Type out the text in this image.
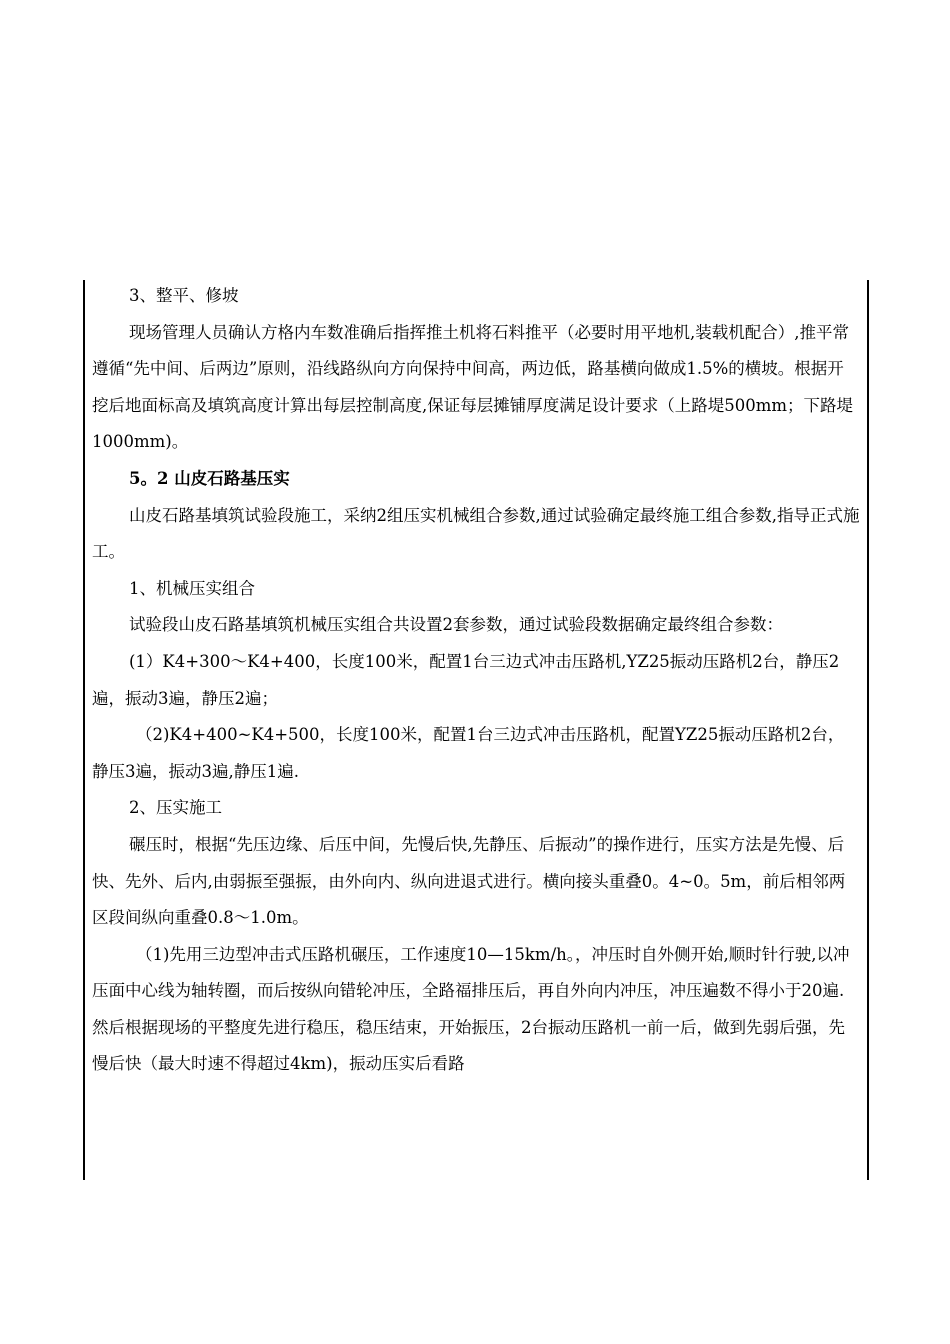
3、整平、修坡

现场管理人员确认方格内车数准确后指挥推土机将石料推平（必要时用平地机,装载机配合）,推平常遵循“先中间、后两边”原则，沿线路纵向方向保持中间高，两边低，路基横向做成1.5%的横坡。根据开挖后地面标高及填筑高度计算出每层控制高度,保证每层摊铺厚度满足设计要求（上路堤500mm；下路堤1000mm)。

5。2 山皮石路基压实

山皮石路基填筑试验段施工，采纳2组压实机械组合参数,通过试验确定最终施工组合参数,指导正式施工。

1、机械压实组合

试验段山皮石路基填筑机械压实组合共设置2套参数，通过试验段数据确定最终组合参数：

(1）K4+300～K4+400，长度100米，配置1台三边式冲击压路机,YZ25振动压路机2台，静压2遍，振动3遍，静压2遍；

（2)K4+400~K4+500，长度100米，配置1台三边式冲击压路机，配置YZ25振动压路机2台，静压3遍，振动3遍,静压1遍.

2、压实施工

碾压时，根据“先压边缘、后压中间，先慢后快,先静压、后振动”的操作进行，压实方法是先慢、后快、先外、后内,由弱振至强振，由外向内、纵向进退式进行。横向接头重叠0。4~0。5m，前后相邻两区段间纵向重叠0.8～1.0m。

（1)先用三边型冲击式压路机碾压，工作速度10—15km/h。，冲压时自外侧开始,顺时针行驶,以冲压面中心线为轴转圈，而后按纵向错轮冲压，全路福排压后，再自外向内冲压，冲压遍数不得小于20遍.然后根据现场的平整度先进行稳压，稳压结束，开始振压，2台振动压路机一前一后，做到先弱后强，先慢后快（最大时速不得超过4km)，振动压实后看路
